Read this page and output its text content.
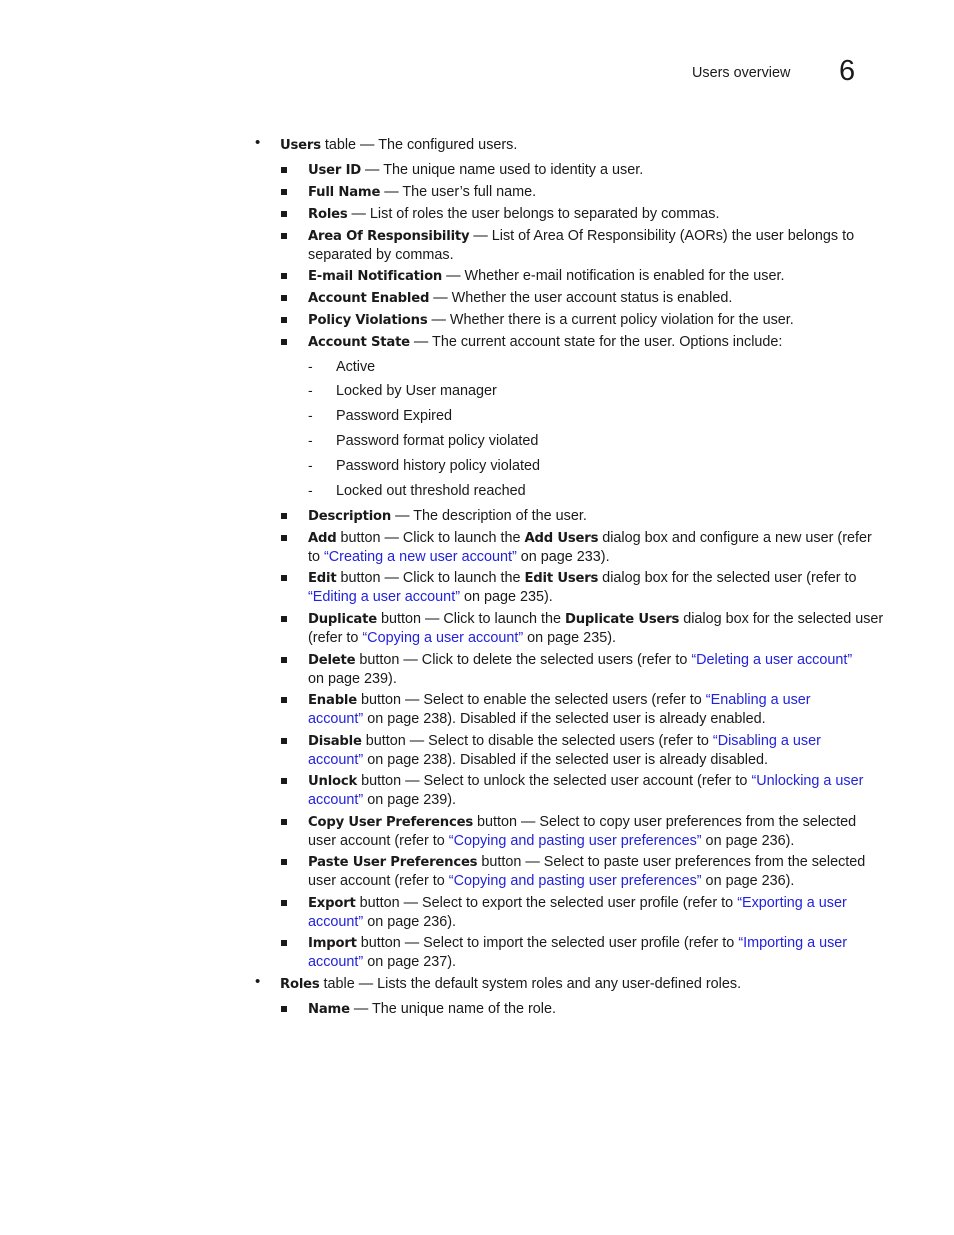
Users overview 6
• Users table — The configured users.
User ID — The unique name used to identity a user.
Full Name — The user’s full name.
Roles — List of roles the user belongs to separated by commas.
Area Of Responsibility — List of Area Of Responsibility (AORs) the user belongs to
separated by commas.
E-mail Notification — Whether e-mail notification is enabled for the user.
Account Enabled — Whether the user account status is enabled.
Policy Violations — Whether there is a current policy violation for the user.
Account State — The current account state for the user. Options include:
- Active
- Locked by User manager
- Password Expired
- Password format policy violated
- Password history policy violated
- Locked out threshold reached
Description — The description of the user.
Add button — Click to launch the Add Users dialog box and configure a new user (refer
to “Creating a new user account” on page 233).
Edit button — Click to launch the Edit Users dialog box for the selected user (refer to
“Editing a user account” on page 235).
Duplicate button — Click to launch the Duplicate Users dialog box for the selected user
(refer to “Copying a user account” on page 235).
Delete button — Click to delete the selected users (refer to “Deleting a user account”
on page 239).
Enable button — Select to enable the selected users (refer to “Enabling a user
account” on page 238). Disabled if the selected user is already enabled.
Disable button — Select to disable the selected users (refer to “Disabling a user
account” on page 238). Disabled if the selected user is already disabled.
Unlock button — Select to unlock the selected user account (refer to “Unlocking a user
account” on page 239).
Copy User Preferences button — Select to copy user preferences from the selected
user account (refer to “Copying and pasting user preferences” on page 236).
Paste User Preferences button — Select to paste user preferences from the selected
user account (refer to “Copying and pasting user preferences” on page 236).
Export button — Select to export the selected user profile (refer to “Exporting a user
account” on page 236).
Import button — Select to import the selected user profile (refer to “Importing a user
account” on page 237).
• Roles table — Lists the default system roles and any user-defined roles.
Name — The unique name of the role.
